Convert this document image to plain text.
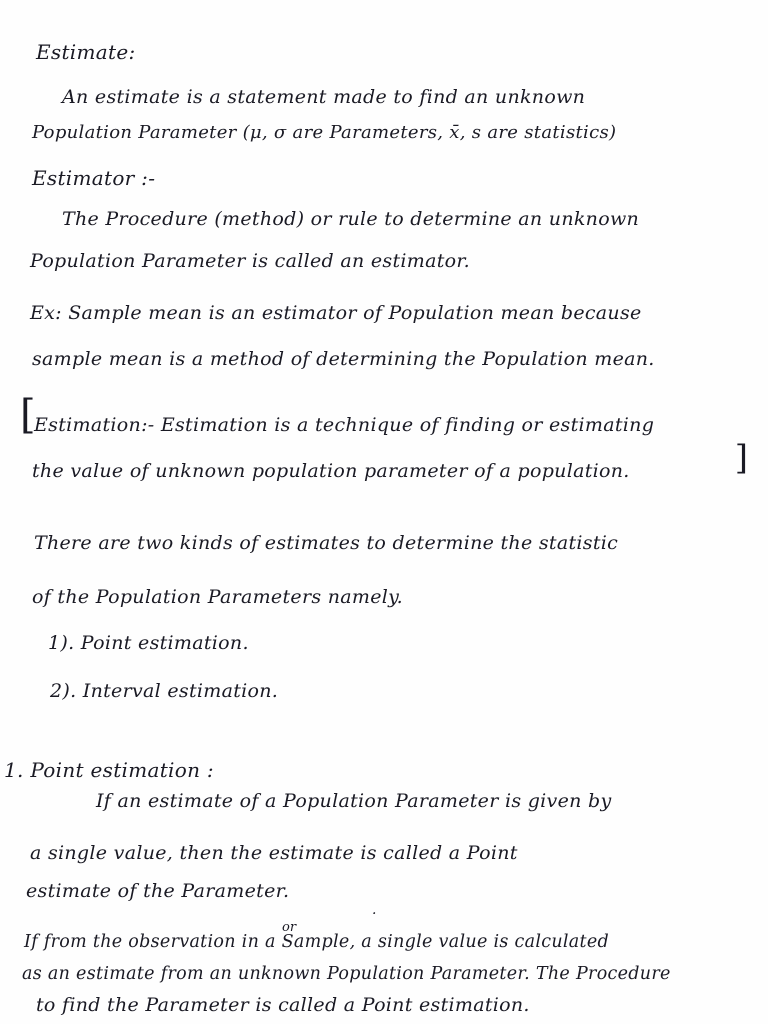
Estimate:
An estimate is a statement made to find an unknown
Population Parameter (μ, σ are Parameters, x̄, s are statistics)
Estimator :-
The Procedure (method) or rule to determine an unknown
Population Parameter is called an estimator.
Ex: Sample mean is an estimator of Population mean because
sample mean is a method of determining the Population mean.
[
]
Estimation:- Estimation is a technique of finding or estimating
the value of unknown population parameter of a population.
There are two kinds of estimates to determine the statistic
of the Population Parameters namely.
1). Point estimation.
2). Interval estimation.
1. Point estimation :
If an estimate of a Population Parameter is given by
a single value, then the estimate is called a Point
estimate of the Parameter.
·
or
If from the observation in a Sample, a single value is calculated
as an estimate from an unknown Population Parameter. The Procedure
to find the Parameter is called a Point estimation.
